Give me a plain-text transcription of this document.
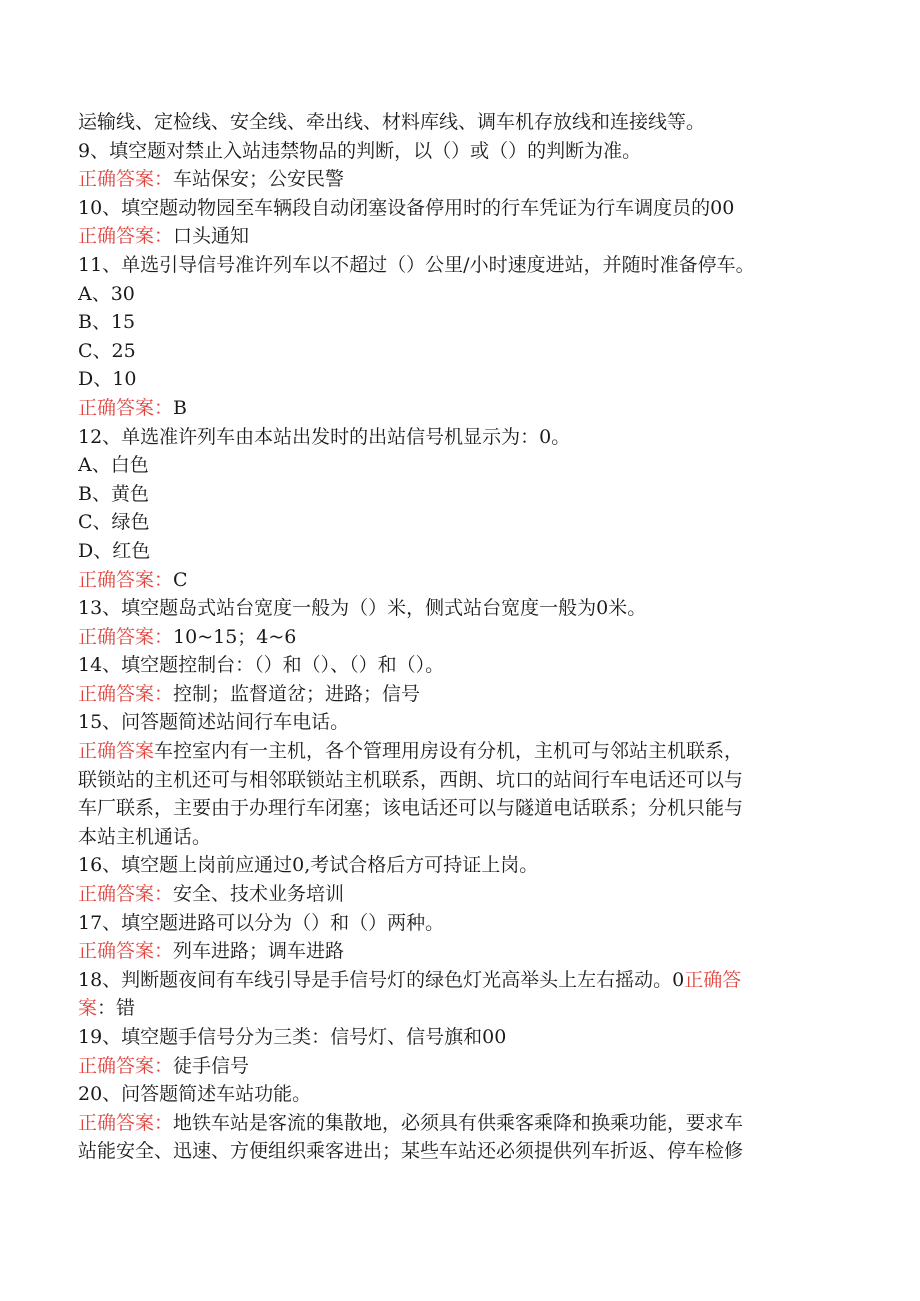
运输线、定检线、安全线、牵出线、材料库线、调车机存放线和连接线等。
9、填空题对禁止入站违禁物品的判断，以（）或（）的判断为准。
正确答案：车站保安；公安民警
10、填空题动物园至车辆段自动闭塞设备停用时的行车凭证为行车调度员的00
正确答案：口头通知
11、单选引导信号准许列车以不超过（）公里/小时速度进站，并随时准备停车。
A、30
B、15
C、25
D、10
正确答案：B
12、单选准许列车由本站出发时的出站信号机显示为：0。
A、白色
B、黄色
C、绿色
D、红色
正确答案：C
13、填空题岛式站台宽度一般为（）米，侧式站台宽度一般为0米。
正确答案：10~15；4~6
14、填空题控制台：（）和（）、（）和（）。
正确答案：控制；监督道岔；进路；信号
15、问答题简述站间行车电话。
正确答案车控室内有一主机，各个管理用房设有分机，主机可与邻站主机联系，
联锁站的主机还可与相邻联锁站主机联系，西朗、坑口的站间行车电话还可以与
车厂联系，主要由于办理行车闭塞；该电话还可以与隧道电话联系；分机只能与
本站主机通话。
16、填空题上岗前应通过0,考试合格后方可持证上岗。
正确答案：安全、技术业务培训
17、填空题进路可以分为（）和（）两种。
正确答案：列车进路；调车进路
18、判断题夜间有车线引导是手信号灯的绿色灯光高举头上左右摇动。0正确答
案：错
19、填空题手信号分为三类：信号灯、信号旗和00
正确答案：徒手信号
20、问答题简述车站功能。
正确答案：地铁车站是客流的集散地，必须具有供乘客乘降和换乘功能，要求车
站能安全、迅速、方便组织乘客进出；某些车站还必须提供列车折返、停车检修
